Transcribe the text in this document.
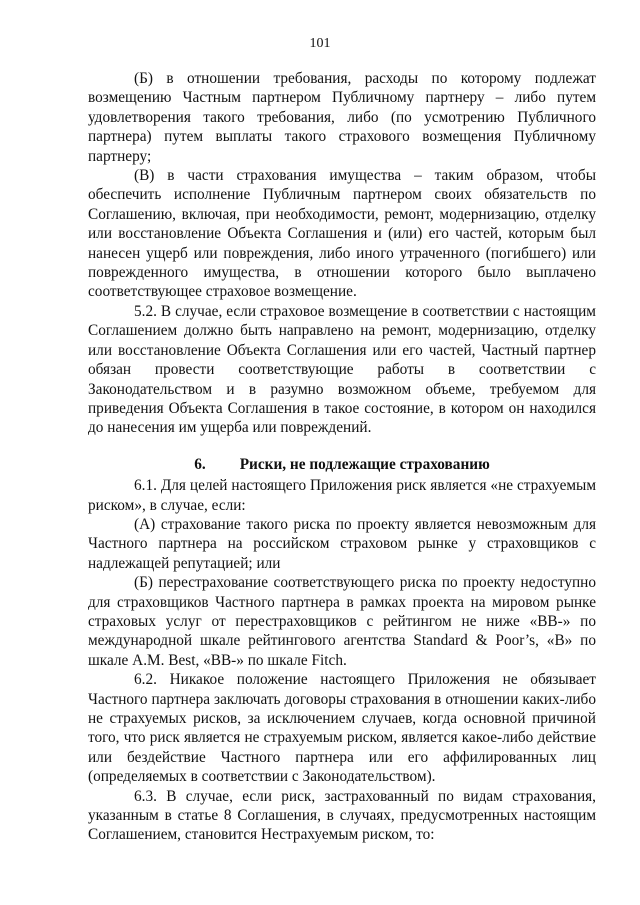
101

(Б) в отношении требования, расходы по которому подлежат возмещению Частным партнером Публичному партнеру – либо путем удовлетворения такого требования, либо (по усмотрению Публичного партнера) путем выплаты такого страхового возмещения Публичному партнеру;

(В) в части страхования имущества – таким образом, чтобы обеспечить исполнение Публичным партнером своих обязательств по Соглашению, включая, при необходимости, ремонт, модернизацию, отделку или восстановление Объекта Соглашения и (или) его частей, которым был нанесен ущерб или повреждения, либо иного утраченного (погибшего) или поврежденного имущества, в отношении которого было выплачено соответствующее страховое возмещение.

5.2. В случае, если страховое возмещение в соответствии с настоящим Соглашением должно быть направлено на ремонт, модернизацию, отделку или восстановление Объекта Соглашения или его частей, Частный партнер обязан провести соответствующие работы в соответствии с Законодательством и в разумно возможном объеме, требуемом для приведения Объекта Соглашения в такое состояние, в котором он находился до нанесения им ущерба или повреждений.

6. Риски, не подлежащие страхованию

6.1. Для целей настоящего Приложения риск является «не страхуемым риском», в случае, если:

(А) страхование такого риска по проекту является невозможным для Частного партнера на российском страховом рынке у страховщиков с надлежащей репутацией; или

(Б) перестрахование соответствующего риска по проекту недоступно для страховщиков Частного партнера в рамках проекта на мировом рынке страховых услуг от перестраховщиков с рейтингом не ниже «ВВ-» по международной шкале рейтингового агентства Standard & Poor’s, «B» по шкале A.M. Best, «BB-» по шкале Fitch.

6.2. Никакое положение настоящего Приложения не обязывает Частного партнера заключать договоры страхования в отношении каких-либо не страхуемых рисков, за исключением случаев, когда основной причиной того, что риск является не страхуемым риском, является какое-либо действие или бездействие Частного партнера или его аффилированных лиц (определяемых в соответствии с Законодательством).

6.3. В случае, если риск, застрахованный по видам страхования, указанным в статье 8 Соглашения, в случаях, предусмотренных настоящим Соглашением, становится Нестрахуемым риском, то:
